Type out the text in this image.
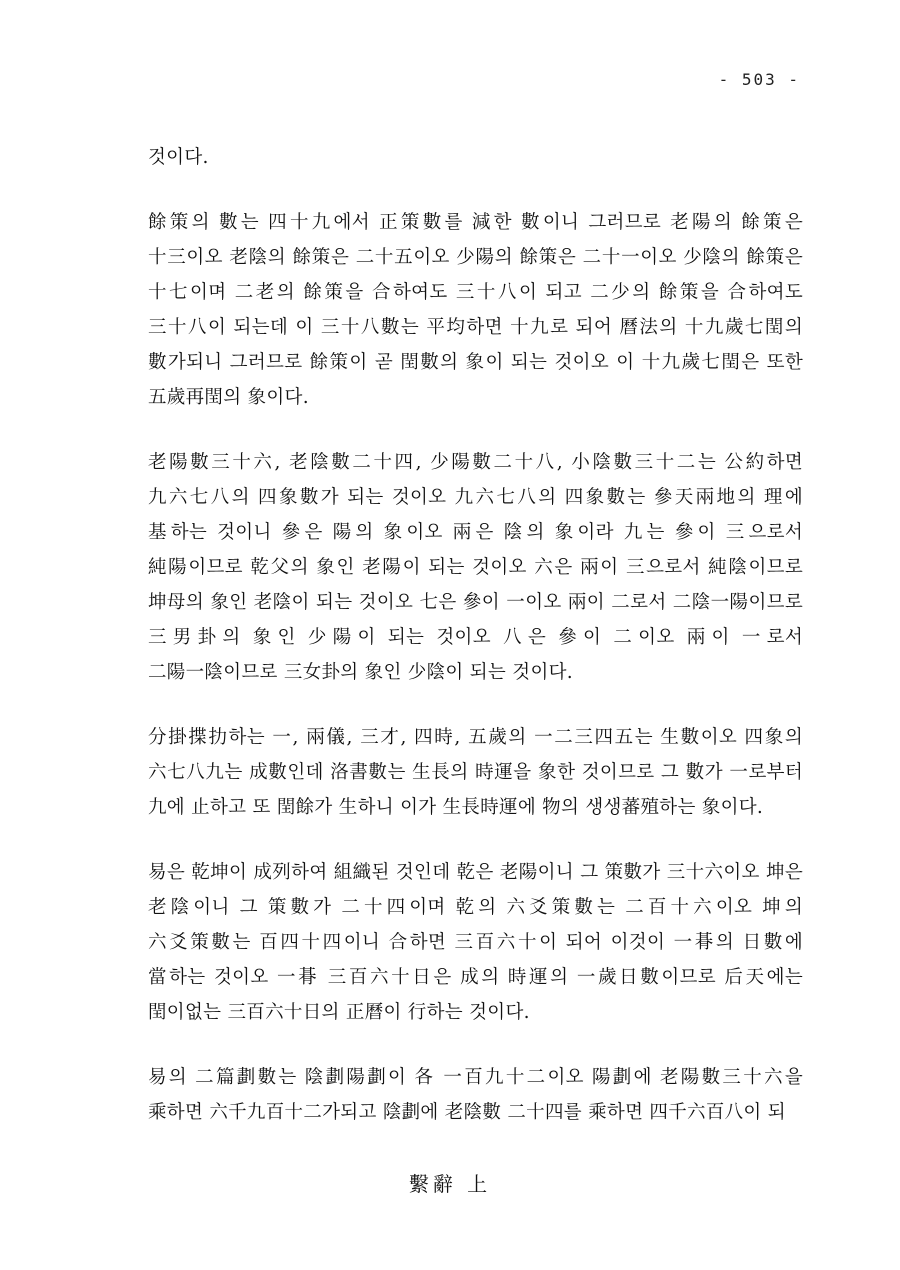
- 503 -

것이다.

餘策의 數는 四十九에서 正策數를 減한 數이니 그러므로 老陽의 餘策은 十三이오 老陰의 餘策은 二十五이오 少陽의 餘策은 二十一이오 少陰의 餘策은 十七이며 二老의 餘策을 合하여도 三十八이 되고 二少의 餘策을 合하여도 三十八이 되는데 이 三十八數는 平均하면 十九로 되어 曆法의 十九歲七閏의 數가되니 그러므로 餘策이 곧 閏數의 象이 되는 것이오 이 十九歲七閏은 또한 五歲再閏의 象이다.

老陽數三十六, 老陰數二十四, 少陽數二十八, 小陰數三十二는 公約하면 九六七八의 四象數가 되는 것이오 九六七八의 四象數는 參天兩地의 理에 基하는 것이니 參은 陽의 象이오 兩은 陰의 象이라 九는 參이 三으로서 純陽이므로 乾父의 象인 老陽이 되는 것이오 六은 兩이 三으로서 純陰이므로 坤母의 象인 老陰이 되는 것이오 七은 參이 一이오 兩이 二로서 二陰一陽이므로 三男卦의 象인 少陽이 되는 것이오 八은 參이 二이오 兩이 一로서 二陽一陰이므로 三女卦의 象인 少陰이 되는 것이다.

分掛揲扐하는 一, 兩儀, 三才, 四時, 五歲의 一二三四五는 生數이오 四象의 六七八九는 成數인데 洛書數는 生長의 時運을 象한 것이므로 그 數가 一로부터 九에 止하고 또 閏餘가 生하니 이가 生長時運에 物의 생생蕃殖하는 象이다.

易은 乾坤이 成列하여 組織된 것인데 乾은 老陽이니 그 策數가 三十六이오 坤은 老陰이니 그 策數가 二十四이며 乾의 六爻策數는 二百十六이오 坤의 六爻策數는 百四十四이니 合하면 三百六十이 되어 이것이 一朞의 日數에 當하는 것이오 一朞 三百六十日은 成의 時運의 一歲日數이므로 后天에는 閏이없는 三百六十日의 正曆이 行하는 것이다.

易의 二篇劃數는 陰劃陽劃이 各 一百九十二이오 陽劃에 老陽數三十六을 乘하면 六千九百十二가되고 陰劃에 老陰數 二十四를 乘하면 四千六百八이 되

繫辭 上
